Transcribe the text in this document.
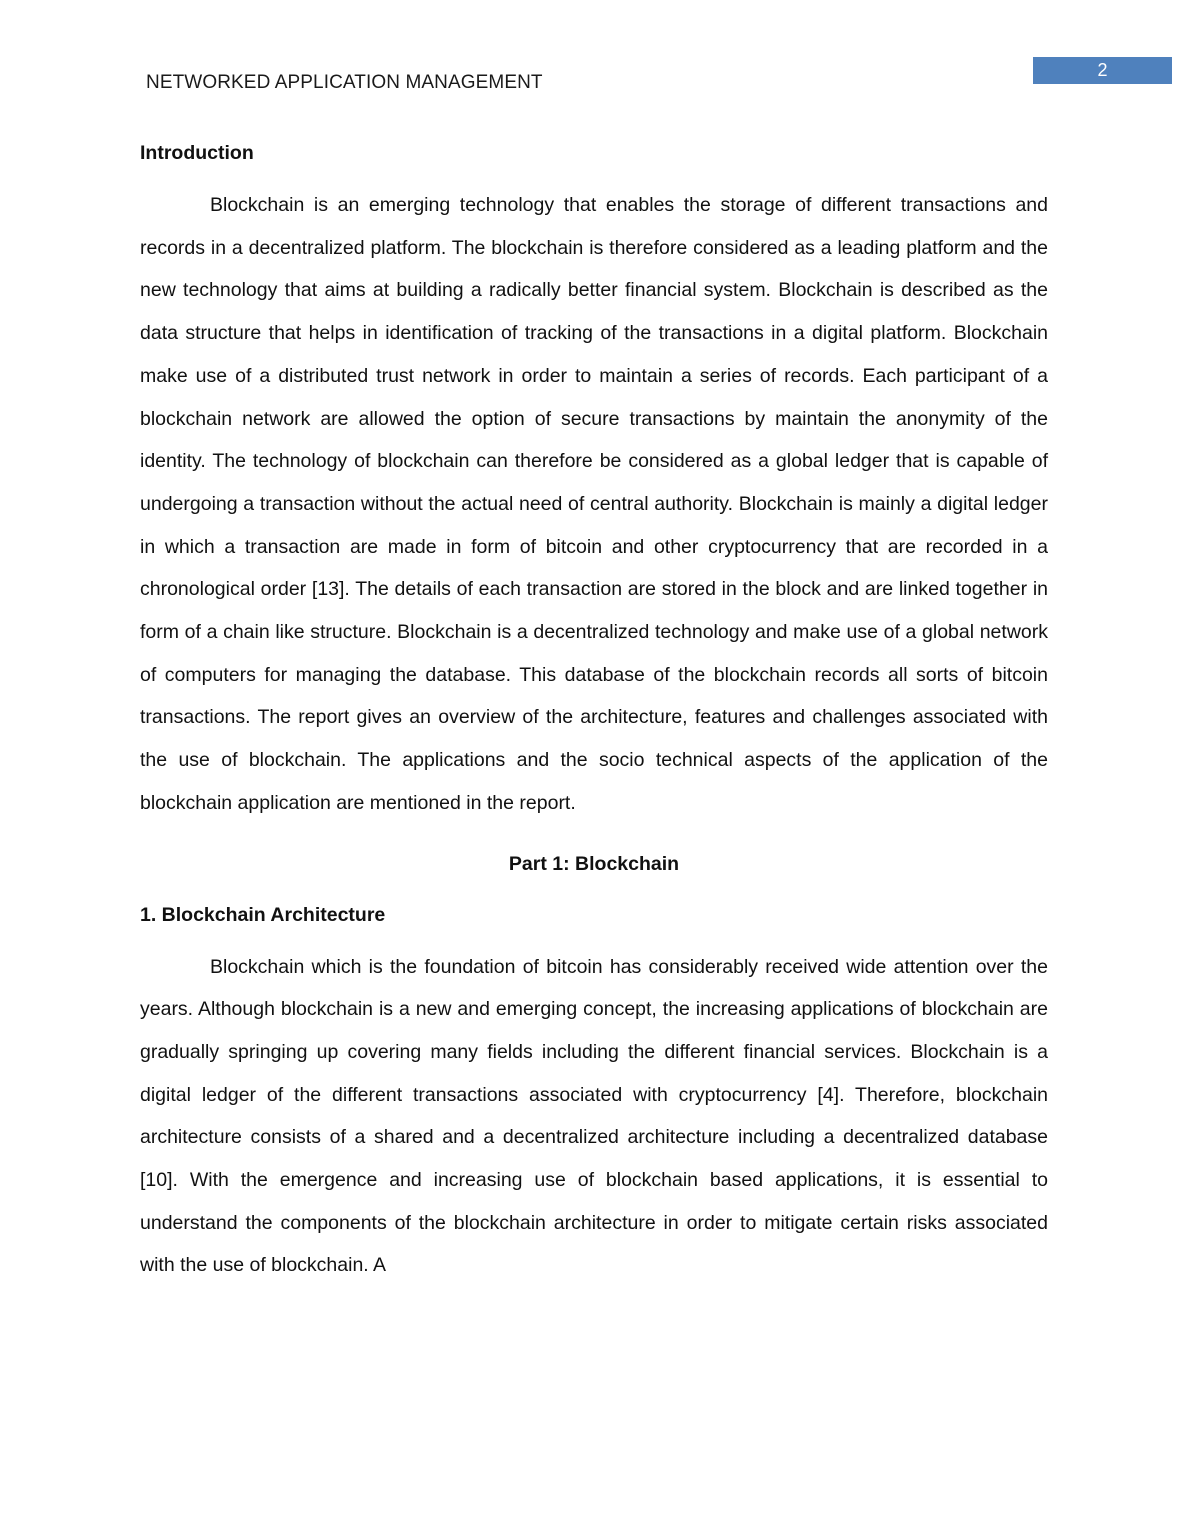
NETWORKED APPLICATION MANAGEMENT
2
Introduction

Blockchain is an emerging technology that enables the storage of different transactions and records in a decentralized platform. The blockchain is therefore considered as a leading platform and the new technology that aims at building a radically better financial system. Blockchain is described as the data structure that helps in identification of tracking of the transactions in a digital platform. Blockchain make use of a distributed trust network in order to maintain a series of records. Each participant of a blockchain network are allowed the option of secure transactions by maintain the anonymity of the identity. The technology of blockchain can therefore be considered as a global ledger that is capable of undergoing a transaction without the actual need of central authority. Blockchain is mainly a digital ledger in which a transaction are made in form of bitcoin and other cryptocurrency that are recorded in a chronological order [13]. The details of each transaction are stored in the block and are linked together in form of a chain like structure. Blockchain is a decentralized technology and make use of a global network of computers for managing the database. This database of the blockchain records all sorts of bitcoin transactions. The report gives an overview of the architecture, features and challenges associated with the use of blockchain. The applications and the socio technical aspects of the application of the blockchain application are mentioned in the report.

Part 1: Blockchain
1. Blockchain Architecture

Blockchain which is the foundation of bitcoin has considerably received wide attention over the years. Although blockchain is a new and emerging concept, the increasing applications of blockchain are gradually springing up covering many fields including the different financial services. Blockchain is a digital ledger of the different transactions associated with cryptocurrency [4]. Therefore, blockchain architecture consists of a shared and a decentralized architecture including a decentralized database [10]. With the emergence and increasing use of blockchain based applications, it is essential to understand the components of the blockchain architecture in order to mitigate certain risks associated with the use of blockchain. A
